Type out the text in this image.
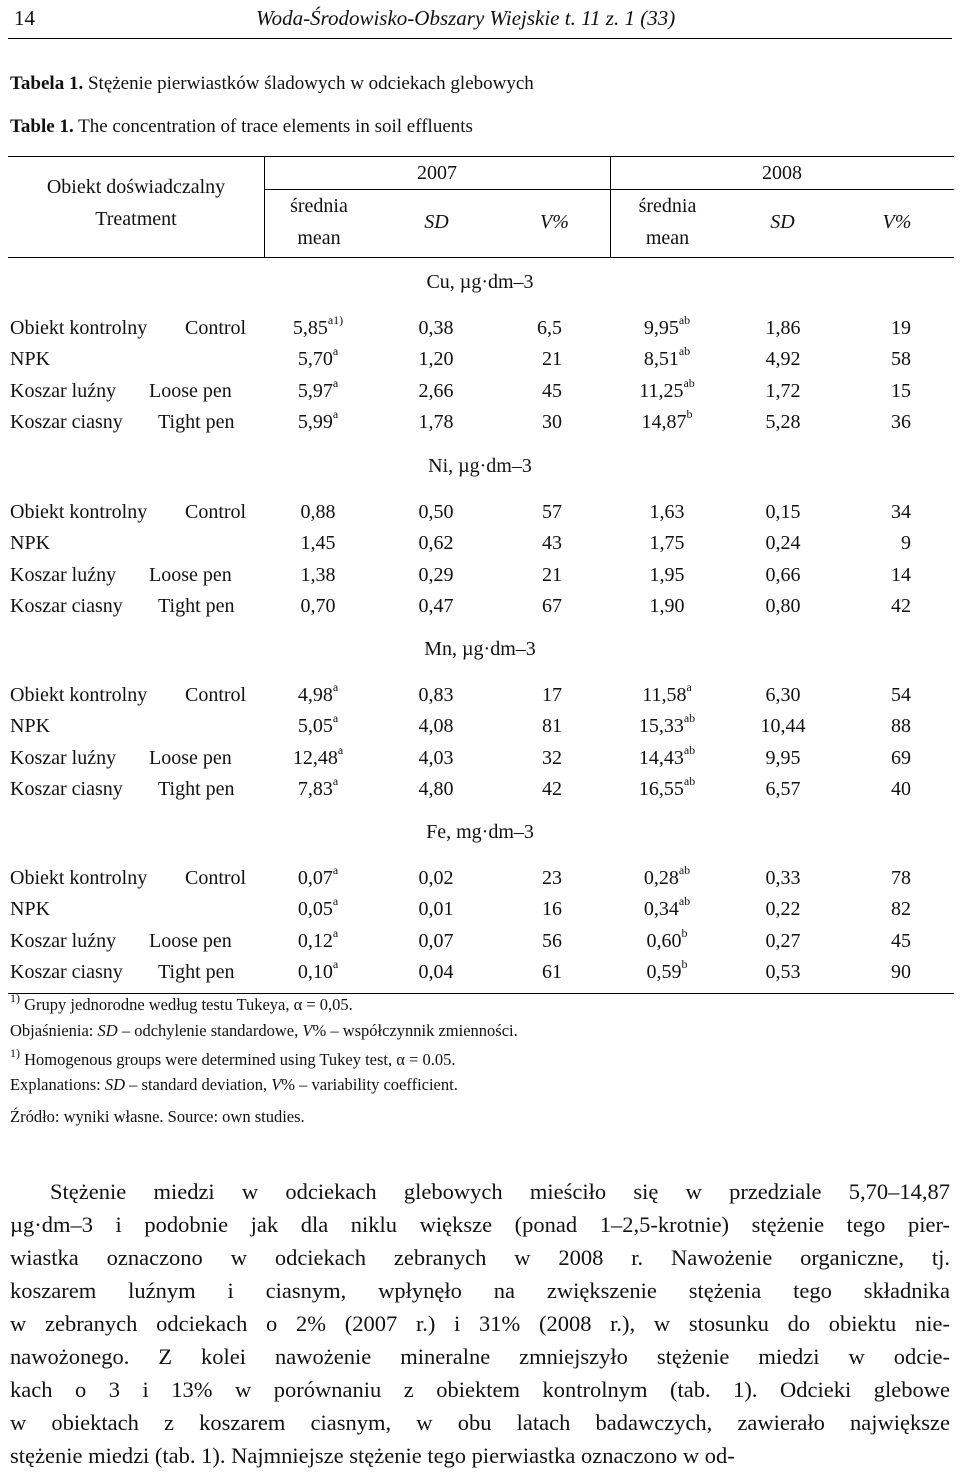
14	Woda-Środowisko-Obszary Wiejskie t. 11 z. 1 (33)
Tabela 1. Stężenie pierwiastków śladowych w odciekach glebowych
Table 1. The concentration of trace elements in soil effluents
Obiekt doświadczalny
Treatment
2007	2008
średnia
mean
SD	V%
średnia
mean
SD	V%
Cu, µg·dm–3
Obiekt kontrolny Control	$5,85^{a1)}$	0,38	6,5	9,95$^{ab}$	1,86	19
NPK	5,70$^a$	1,20	21	8,51$^{ab}$	4,92	58
Koszar luźny Loose pen	5,97$^a$	2,66	45	11,25$^{ab}$	1,72	15
Koszar ciasny Tight pen	5,99$^a$	1,78	30	14,87$^b$	5,28	36
Ni, µg·dm–3
Obiekt kontrolny Control	0,88	0,50	57	1,63	0,15	34
NPK	1,45	0,62	43	1,75	0,24	9
Koszar luźny Loose pen	1,38	0,29	21	1,95	0,66	14
Koszar ciasny Tight pen	0,70	0,47	67	1,90	0,80	42
Mn, µg·dm–3
Obiekt kontrolny Control	4,98$^a$	0,83	17	11,58$^a$	6,30	54
NPK	5,05$^a$	4,08	81	15,33$^{ab}$	10,44	88
Koszar luźny Loose pen	12,48$^a$	4,03	32	14,43$^{ab}$	9,95	69
Koszar ciasny Tight pen	7,83$^a$	4,80	42	16,55$^{ab}$	6,57	40
Fe, mg·dm–3
Obiekt kontrolny Control	0,07$^a$	0,02	23	0,28$^{ab}$	0,33	78
NPK	0,05$^a$	0,01	16	0,34$^{ab}$	0,22	82
Koszar luźny Loose pen	0,12$^a$	0,07	56	0,60$^b$	0,27	45
Koszar ciasny Tight pen	0,10$^a$	0,04	61	0,59$^b$	0,53	90
$^{1)}$ Grupy jednorodne według testu Tukeya, α = 0,05.
Objaśnienia: SD – odchylenie standardowe, V% – współczynnik zmienności.
$^{1)}$ Homogenous groups were determined using Tukey test, α = 0.05.
Explanations: SD – standard deviation, V% – variability coefficient.
Źródło: wyniki własne. Source: own studies.
Stężenie miedzi w odciekach glebowych mieściło się w przedziale 5,70–14,87
µg·dm–3 i podobnie jak dla niklu większe (ponad 1–2,5-krotnie) stężenie tego pier-
wiastka oznaczono w odciekach zebranych w 2008 r. Nawożenie organiczne, tj.
koszarem luźnym i ciasnym, wpłynęło na zwiększenie stężenia tego składnika
w zebranych odciekach o 2% (2007 r.) i 31% (2008 r.), w stosunku do obiektu nie-
nawożonego. Z kolei nawożenie mineralne zmniejszyło stężenie miedzi w odcie-
kach o 3 i 13% w porównaniu z obiektem kontrolnym (tab. 1). Odcieki glebowe
w obiektach z koszarem ciasnym, w obu latach badawczych, zawierało największe
stężenie miedzi (tab. 1). Najmniejsze stężenie tego pierwiastka oznaczono w od-
